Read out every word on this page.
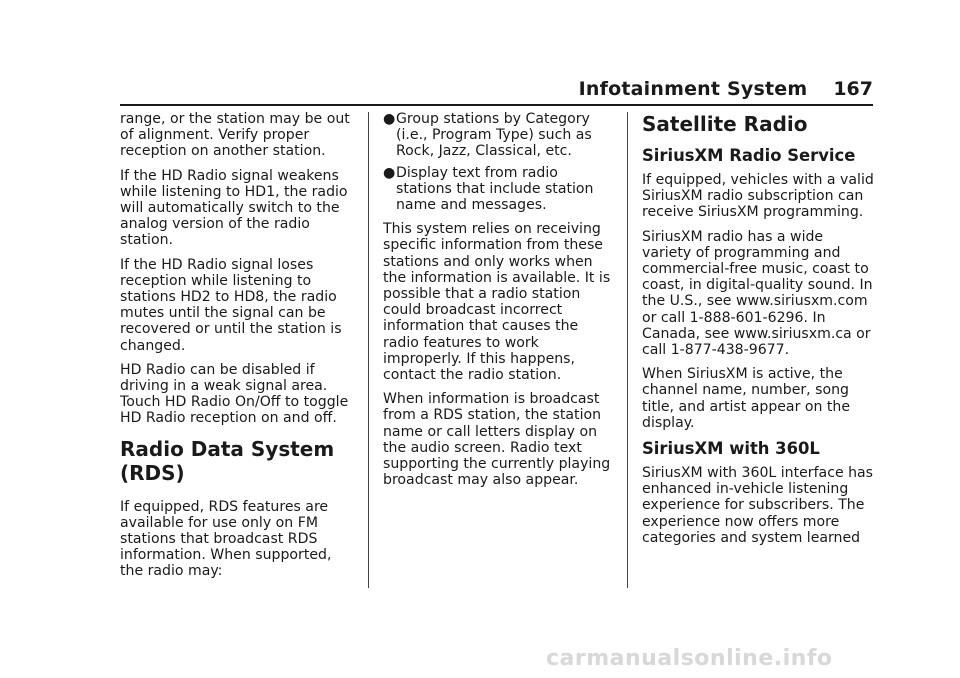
Infotainment System 167

range, or the station may be out of alignment. Verify proper reception on another station.

If the HD Radio signal weakens while listening to HD1, the radio will automatically switch to the analog version of the radio station.

If the HD Radio signal loses reception while listening to stations HD2 to HD8, the radio mutes until the signal can be recovered or until the station is changed.

HD Radio can be disabled if driving in a weak signal area. Touch HD Radio On/Off to toggle HD Radio reception on and off.

Radio Data System (RDS)

If equipped, RDS features are available for use only on FM stations that broadcast RDS information. When supported, the radio may:

● Group stations by Category (i.e., Program Type) such as Rock, Jazz, Classical, etc.
● Display text from radio stations that include station name and messages.

This system relies on receiving specific information from these stations and only works when the information is available. It is possible that a radio station could broadcast incorrect information that causes the radio features to work improperly. If this happens, contact the radio station.

When information is broadcast from a RDS station, the station name or call letters display on the audio screen. Radio text supporting the currently playing broadcast may also appear.

Satellite Radio
SiriusXM Radio Service

If equipped, vehicles with a valid SiriusXM radio subscription can receive SiriusXM programming.

SiriusXM radio has a wide variety of programming and commercial-free music, coast to coast, in digital-quality sound. In the U.S., see www.siriusxm.com or call 1-888-601-6296. In Canada, see www.siriusxm.ca or call 1-877-438-9677.

When SiriusXM is active, the channel name, number, song title, and artist appear on the display.

SiriusXM with 360L

SiriusXM with 360L interface has enhanced in-vehicle listening experience for subscribers. The experience now offers more categories and system learned

carmanualsonline.info
